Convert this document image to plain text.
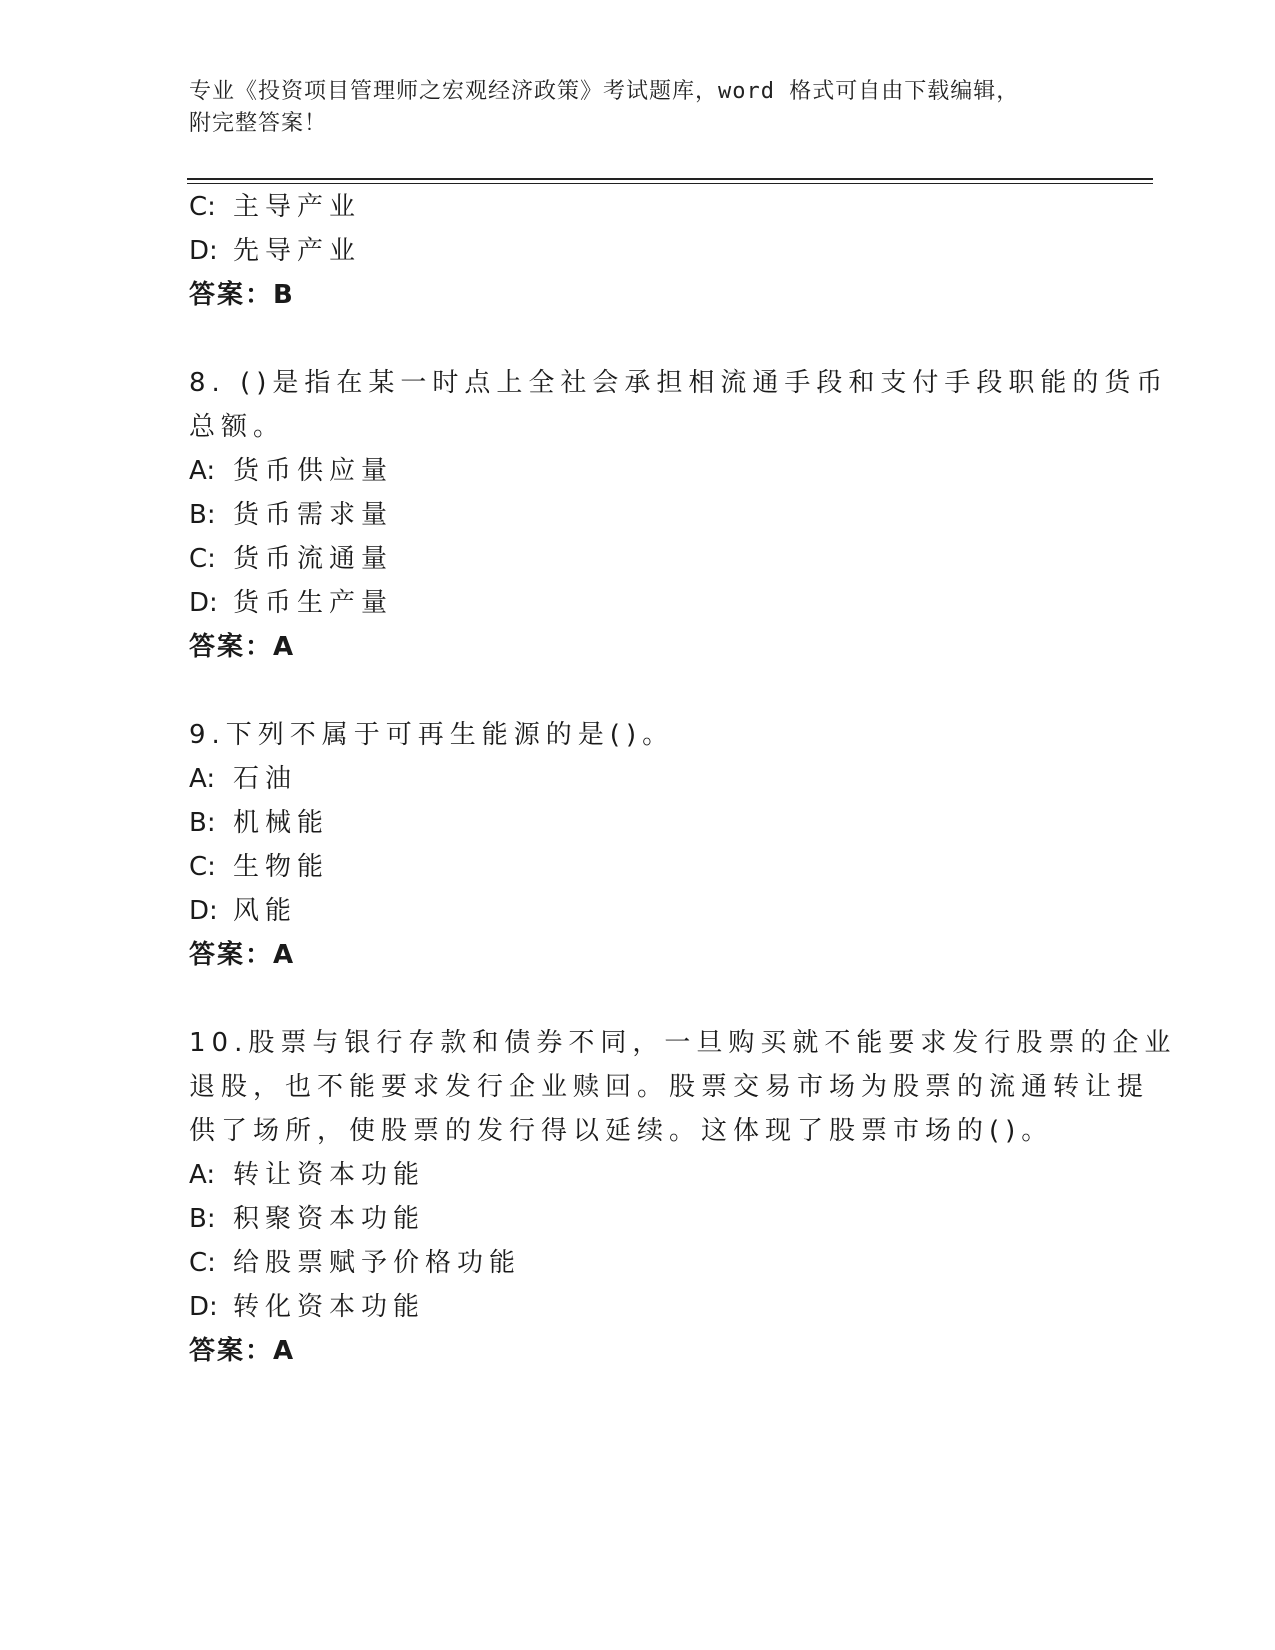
专业《投资项目管理师之宏观经济政策》考试题库，word 格式可自由下载编辑，
附完整答案！
C: 主导产业
D: 先导产业
答案：B
8. ()是指在某一时点上全社会承担相流通手段和支付手段职能的货币
总额。
A: 货币供应量
B: 货币需求量
C: 货币流通量
D: 货币生产量
答案：A
9.下列不属于可再生能源的是()。
A: 石油
B: 机械能
C: 生物能
D: 风能
答案：A
10.股票与银行存款和债券不同，一旦购买就不能要求发行股票的企业
退股，也不能要求发行企业赎回。股票交易市场为股票的流通转让提
供了场所，使股票的发行得以延续。这体现了股票市场的()。
A: 转让资本功能
B: 积聚资本功能
C: 给股票赋予价格功能
D: 转化资本功能
答案：A
